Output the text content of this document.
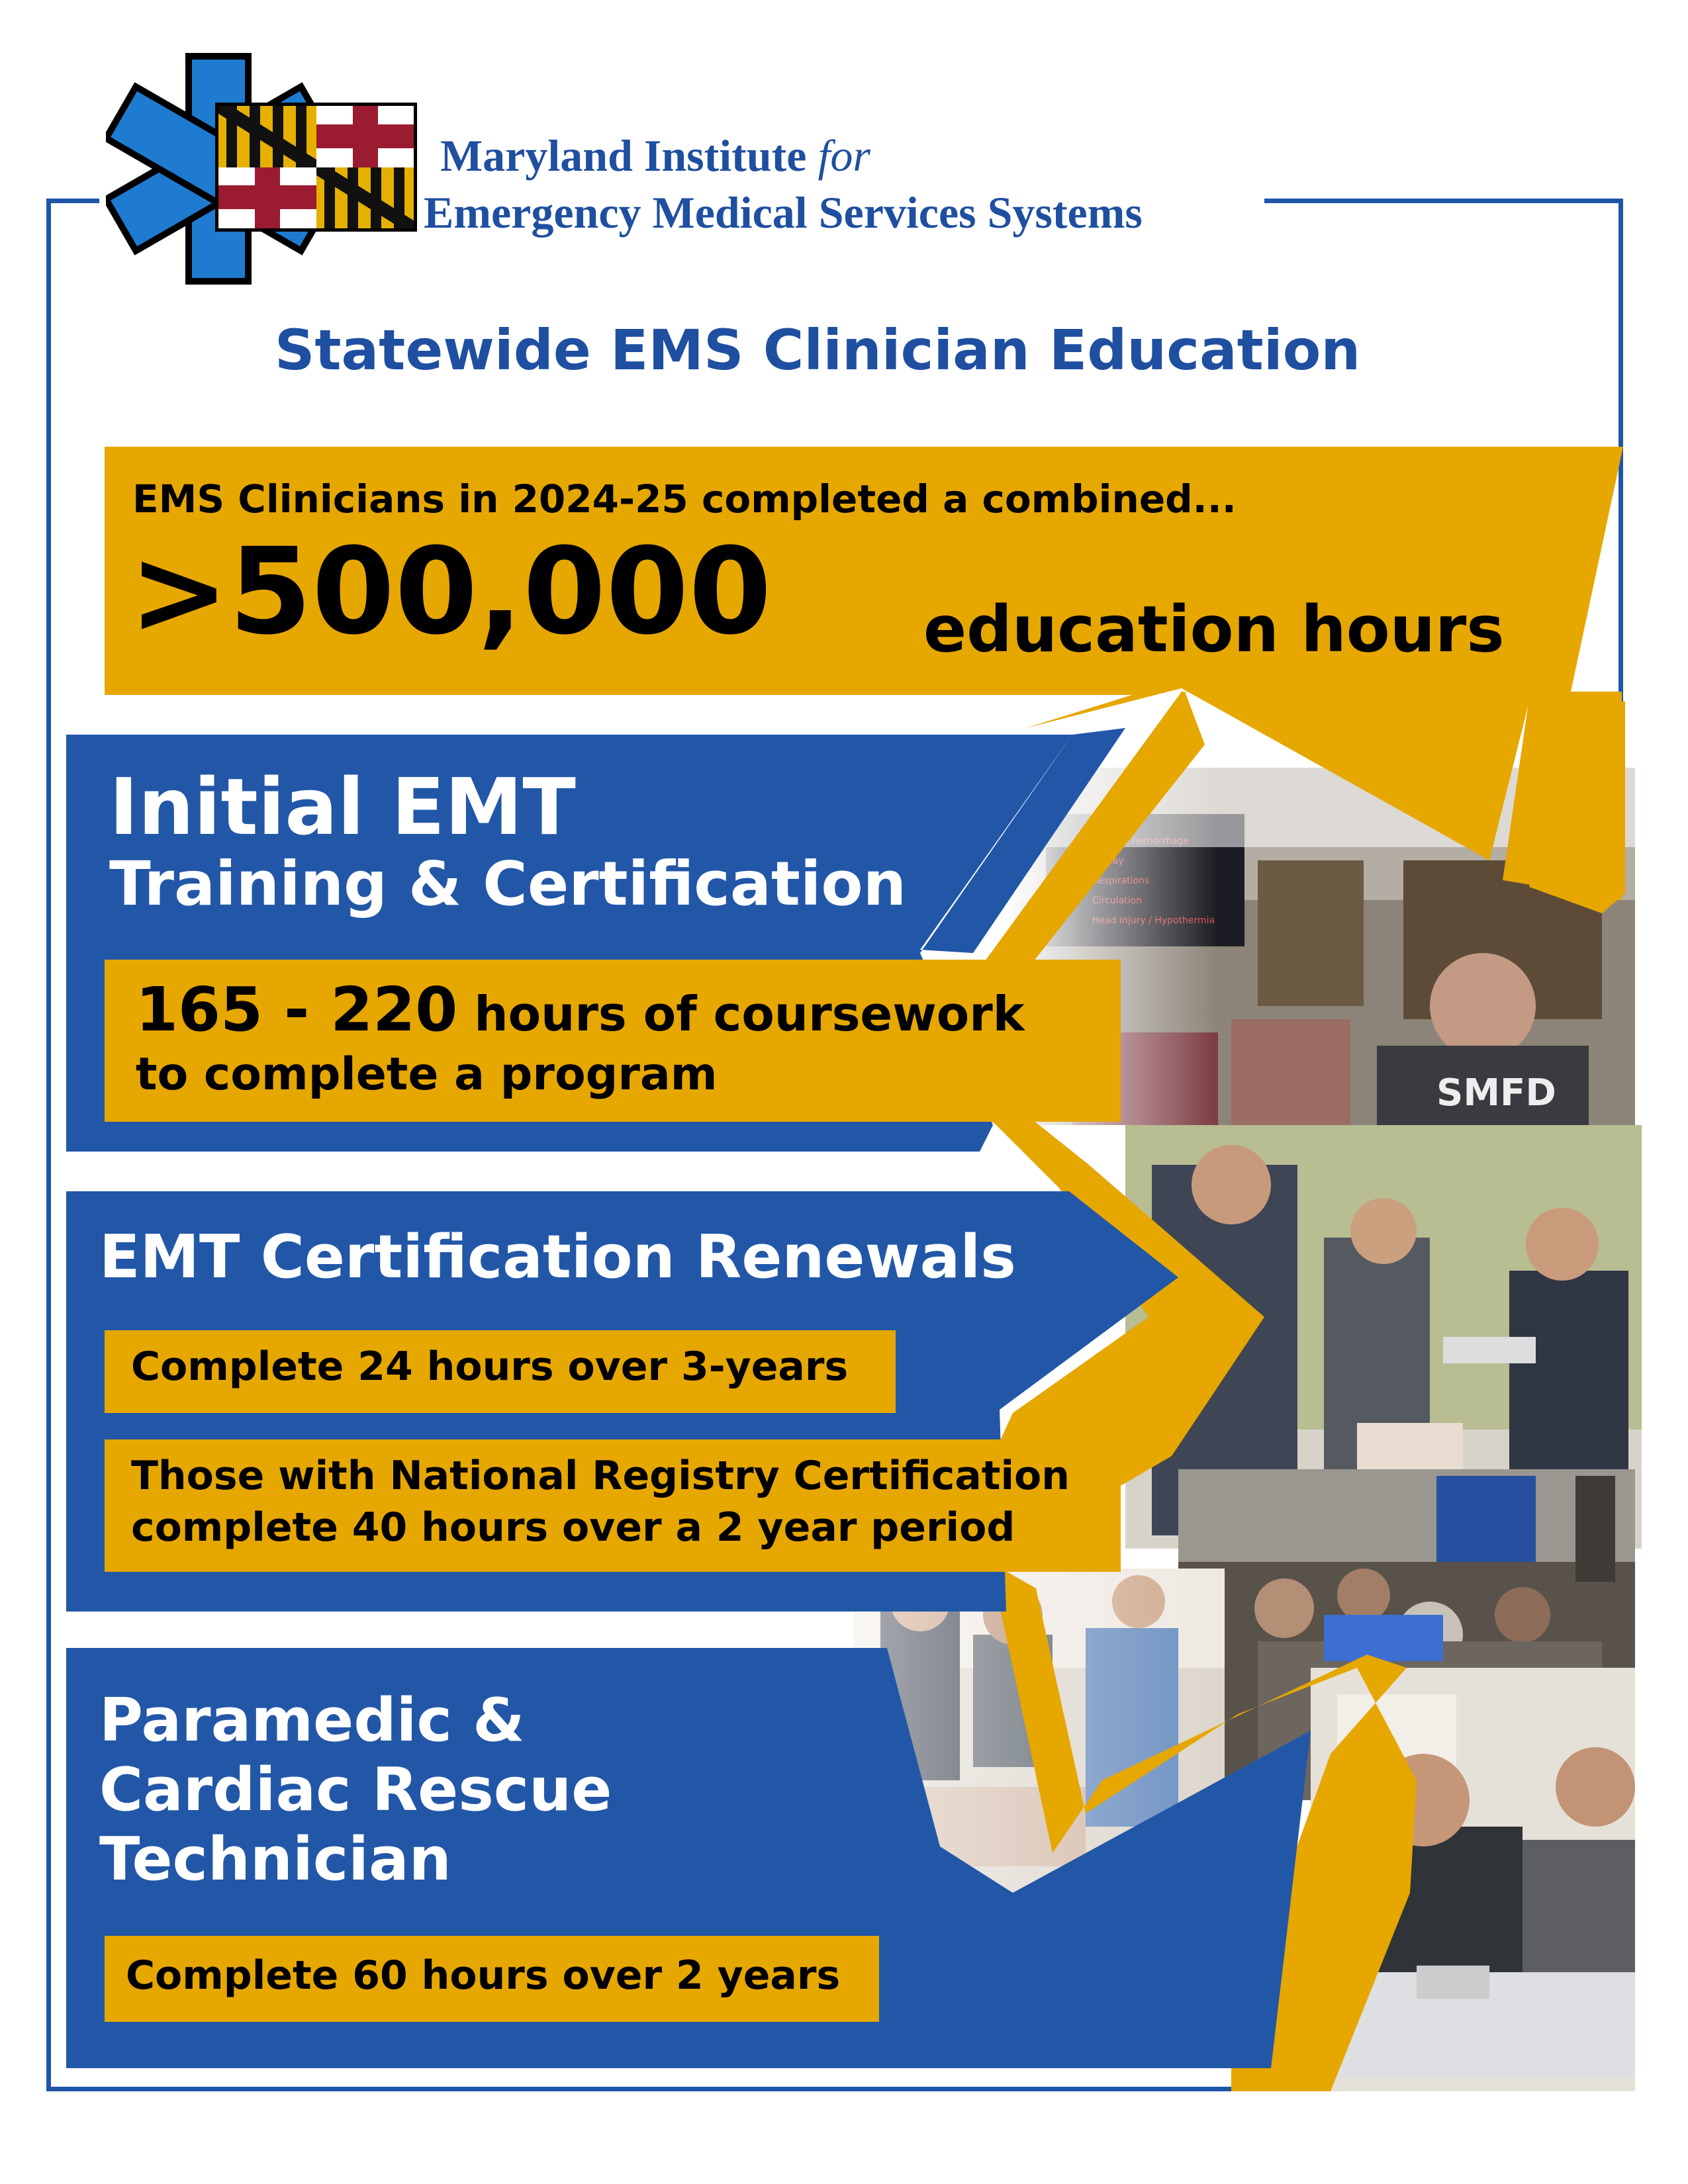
Maryland Institute for
Emergency Medical Services Systems
Statewide EMS Clinician Education
SMFD
EMS Clinicians in 2024-25 completed a combined...
>500,000 education hours
Initial EMT
Training & Certification
165 - 220 hours of coursework
to complete a program
EMT Certification Renewals
Complete 24 hours over 3-years
Those with National Registry Certification
complete 40 hours over a 2 year period
Paramedic &
Cardiac Rescue
Technician
Complete 60 hours over 2 years
